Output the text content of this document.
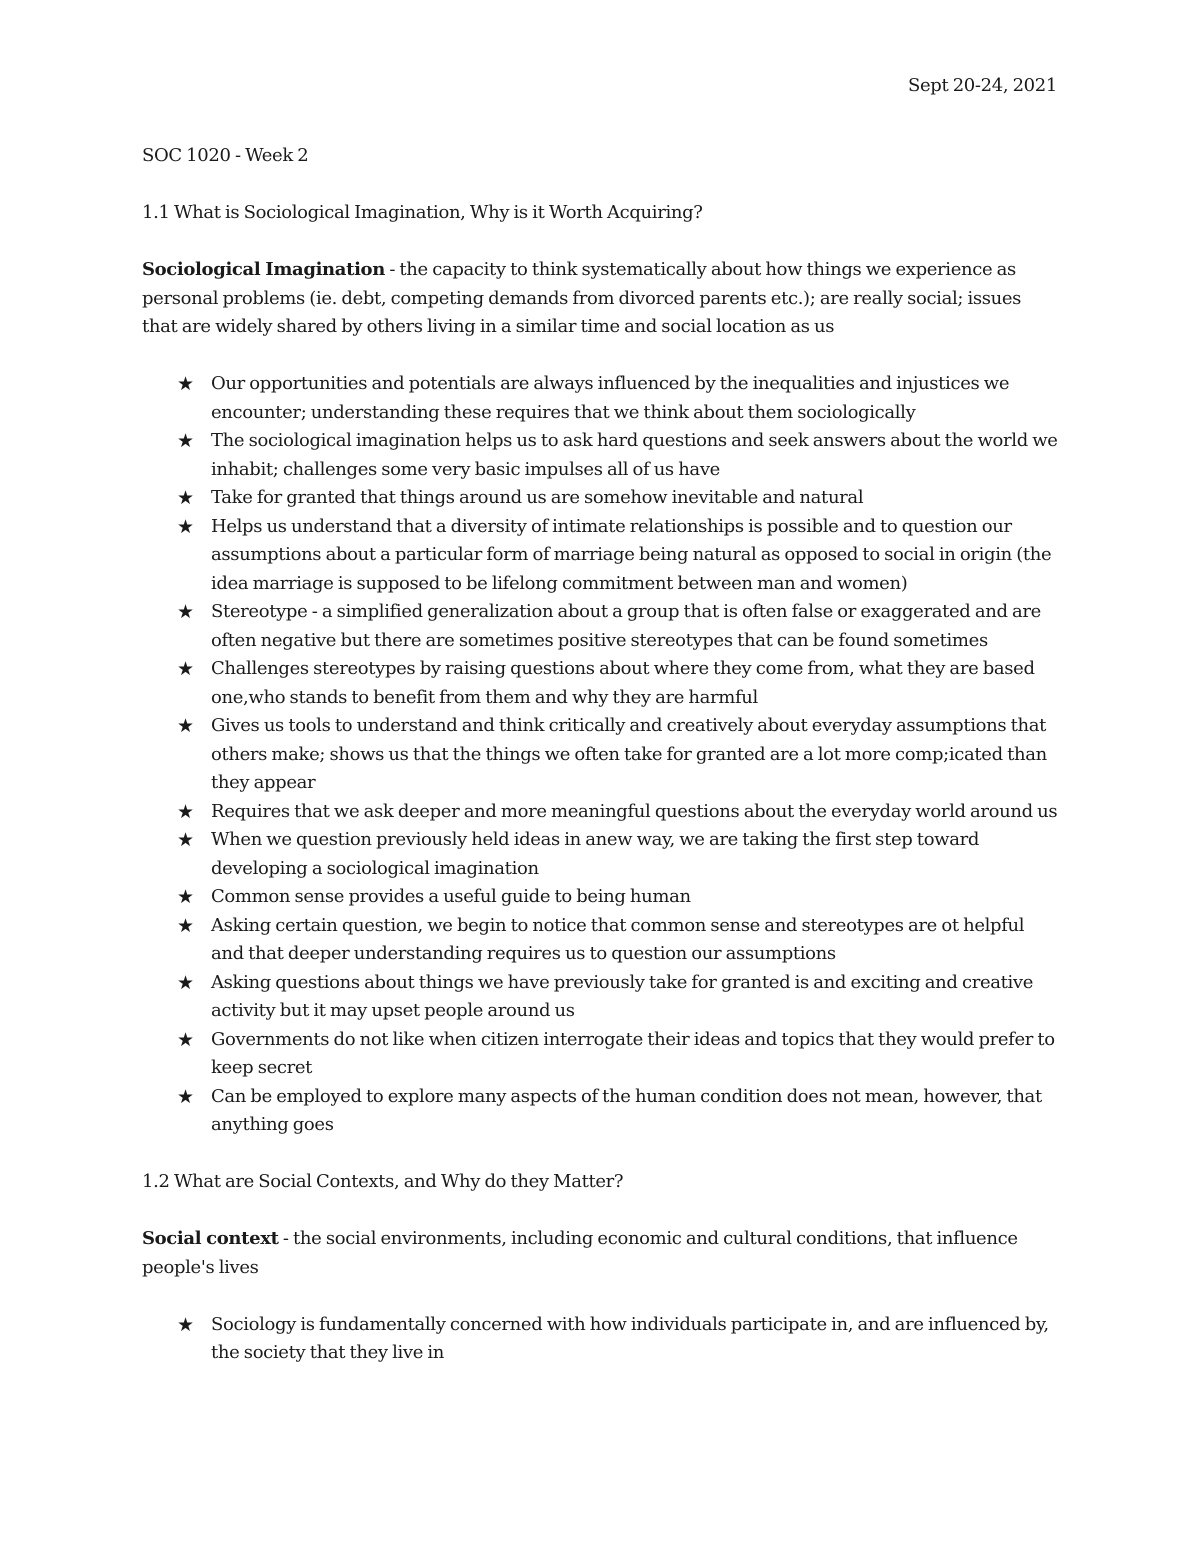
Sept 20-24, 2021

SOC 1020 - Week 2

1.1 What is Sociological Imagination, Why is it Worth Acquiring?

Sociological Imagination - the capacity to think systematically about how things we experience as personal problems (ie. debt, competing demands from divorced parents etc.); are really social; issues that are widely shared by others living in a similar time and social location as us

★ Our opportunities and potentials are always influenced by the inequalities and injustices we encounter; understanding these requires that we think about them sociologically
★ The sociological imagination helps us to ask hard questions and seek answers about the world we inhabit; challenges some very basic impulses all of us have
★ Take for granted that things around us are somehow inevitable and natural
★ Helps us understand that a diversity of intimate relationships is possible and to question our assumptions about a particular form of marriage being natural as opposed to social in origin (the idea marriage is supposed to be lifelong commitment between man and women)
★ Stereotype - a simplified generalization about a group that is often false or exaggerated and are often negative but there are sometimes positive stereotypes that can be found sometimes
★ Challenges stereotypes by raising questions about where they come from, what they are based one,who stands to benefit from them and why they are harmful
★ Gives us tools to understand and think critically and creatively about everyday assumptions that others make; shows us that the things we often take for granted are a lot more comp;icated than they appear
★ Requires that we ask deeper and more meaningful questions about the everyday world around us
★ When we question previously held ideas in anew way, we are taking the first step toward developing a sociological imagination
★ Common sense provides a useful guide to being human
★ Asking certain question, we begin to notice that common sense and stereotypes are ot helpful and that deeper understanding requires us to question our assumptions
★ Asking questions about things we have previously take for granted is and exciting and creative activity but it may upset people around us
★ Governments do not like when citizen interrogate their ideas and topics that they would prefer to keep secret
★ Can be employed to explore many aspects of the human condition does not mean, however, that anything goes

1.2 What are Social Contexts, and Why do they Matter?

Social context - the social environments, including economic and cultural conditions, that influence people's lives

★ Sociology is fundamentally concerned with how individuals participate in, and are influenced by, the society that they live in
